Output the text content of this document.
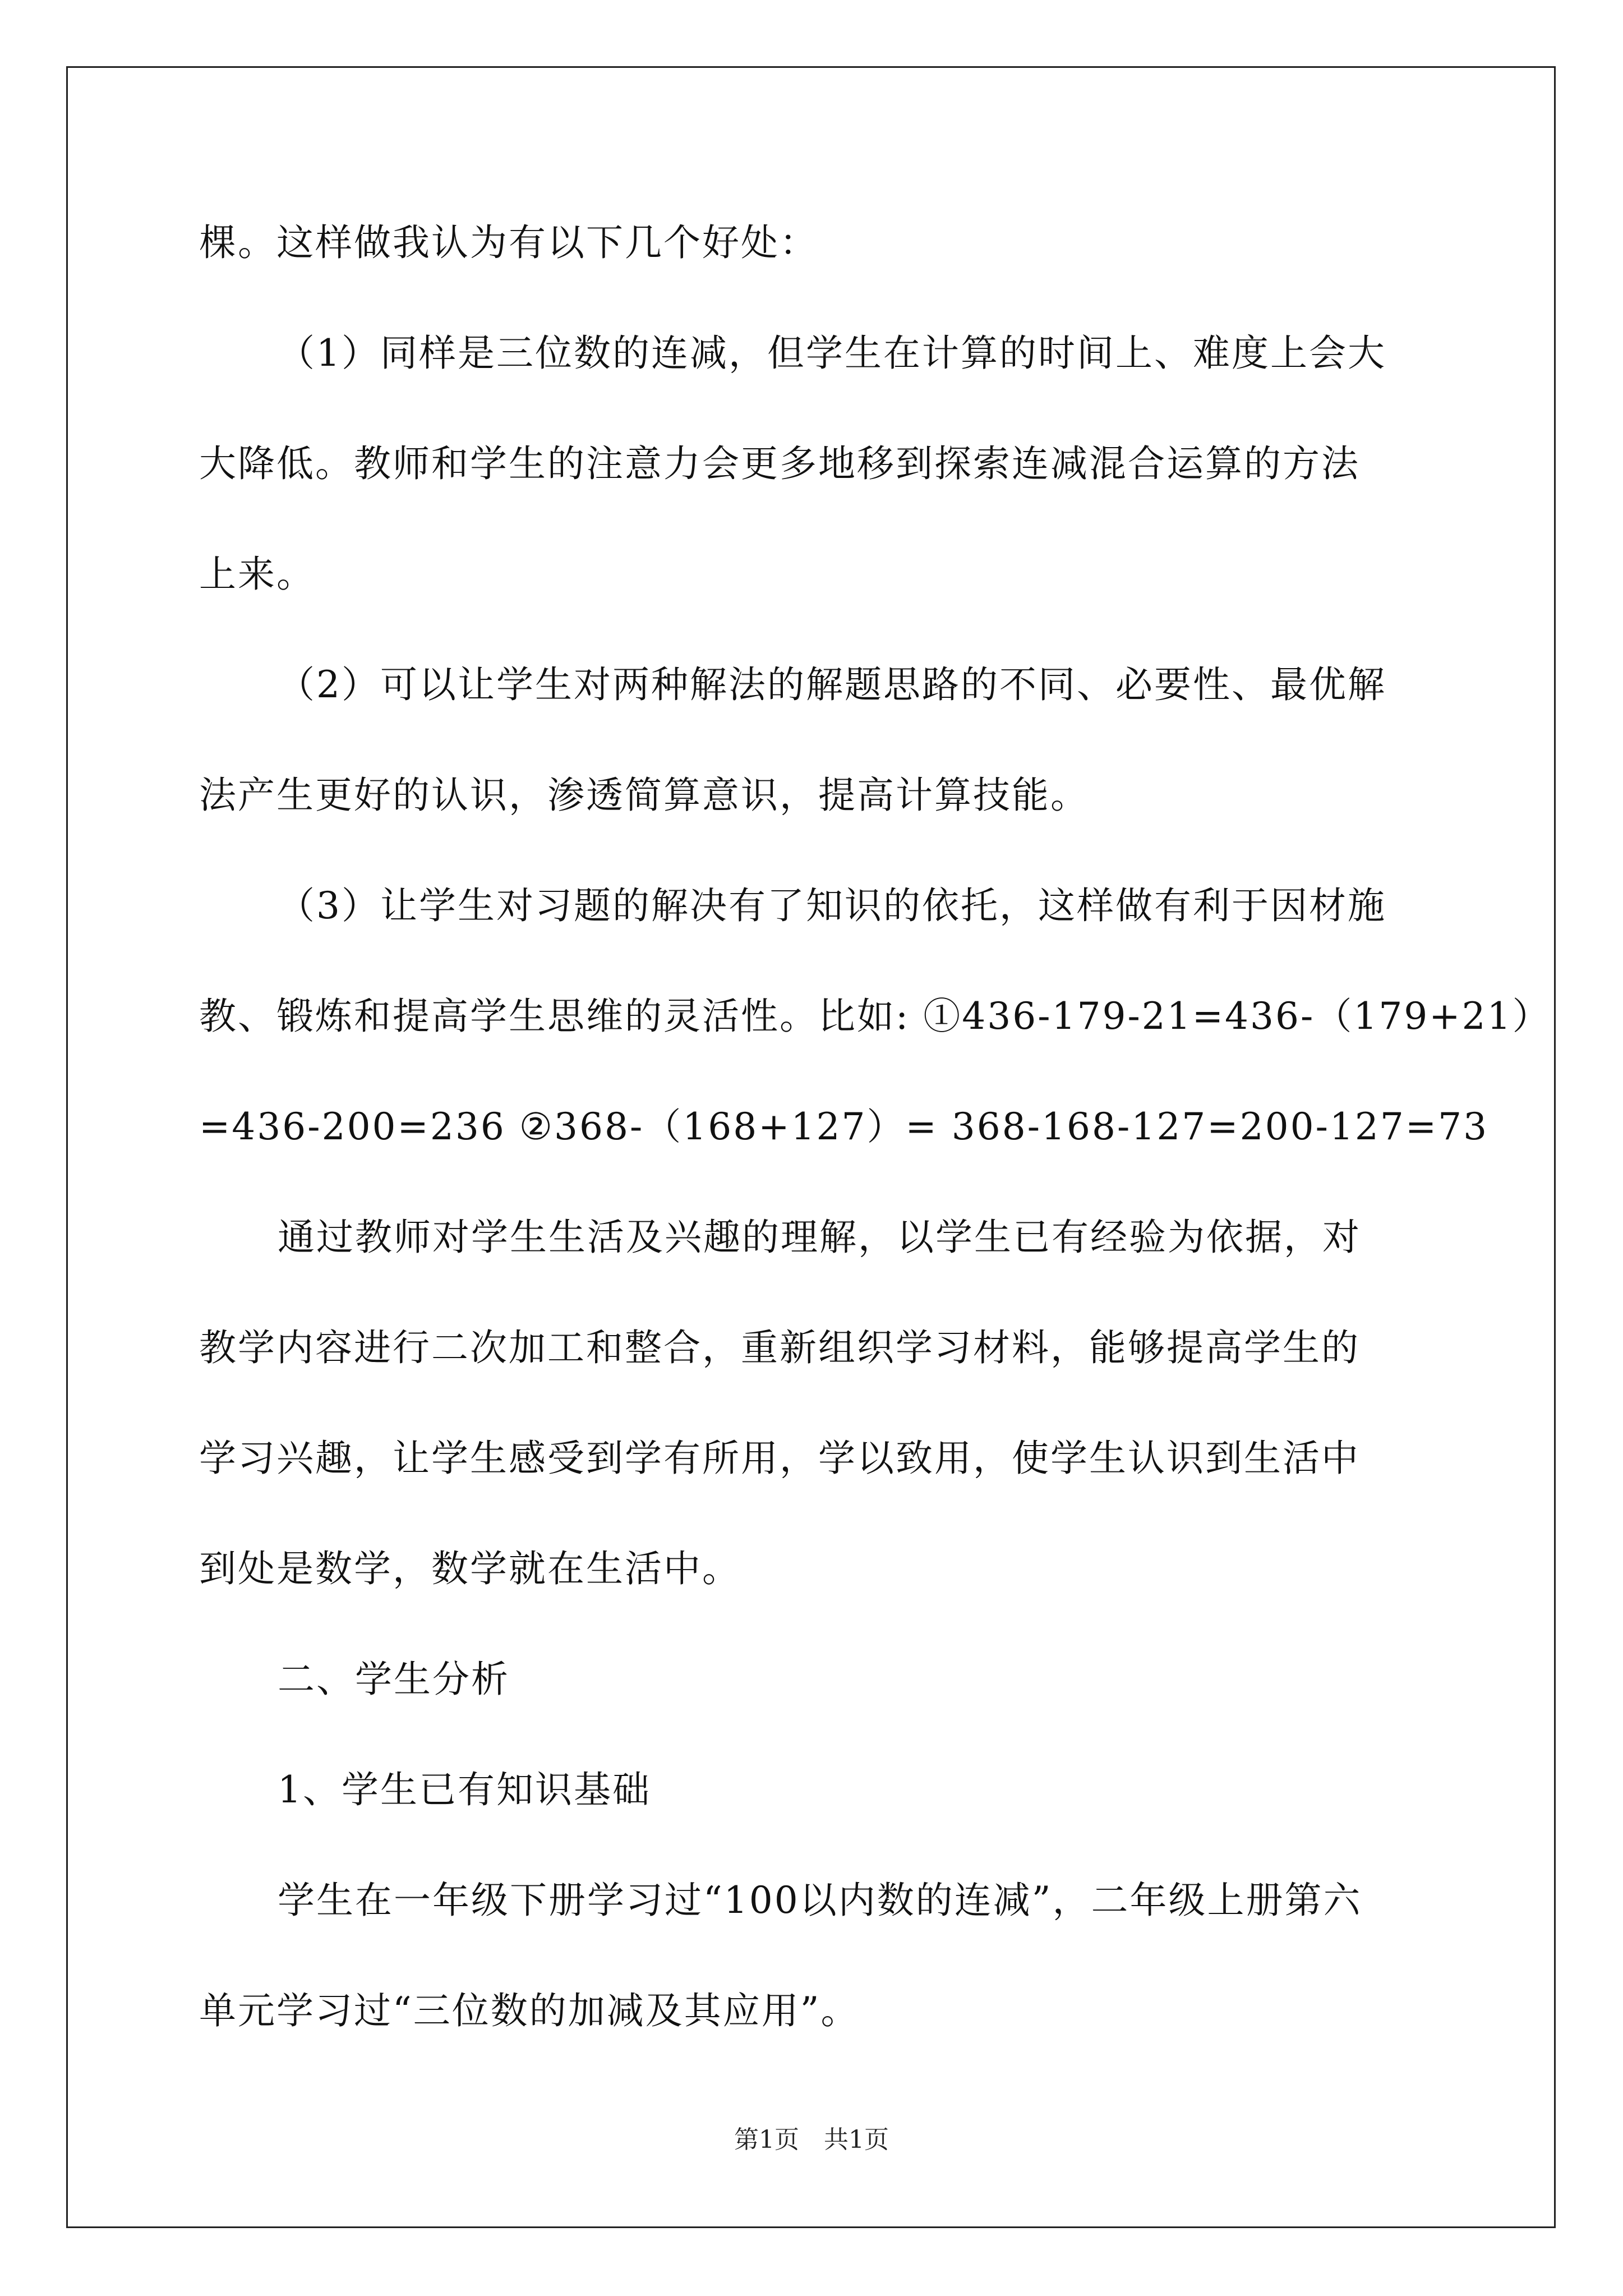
棵。这样做我认为有以下几个好处：
（1）同样是三位数的连减，但学生在计算的时间上、难度上会大
大降低。教师和学生的注意力会更多地移到探索连减混合运算的方法
上来。
（2）可以让学生对两种解法的解题思路的不同、必要性、最优解
法产生更好的认识，渗透简算意识，提高计算技能。
（3）让学生对习题的解决有了知识的依托，这样做有利于因材施
教、锻炼和提高学生思维的灵活性。比如: ①436-179-21=436-（179+21）
=436-200=236 ②368-（168+127）= 368-168-127=200-127=73
通过教师对学生生活及兴趣的理解，以学生已有经验为依据，对
教学内容进行二次加工和整合，重新组织学习材料，能够提高学生的
学习兴趣，让学生感受到学有所用，学以致用，使学生认识到生活中
到处是数学，数学就在生活中。
二、学生分析
1、学生已有知识基础
学生在一年级下册学习过“100以内数的连减”，二年级上册第六
单元学习过“三位数的加减及其应用”。
第1页　共1页
